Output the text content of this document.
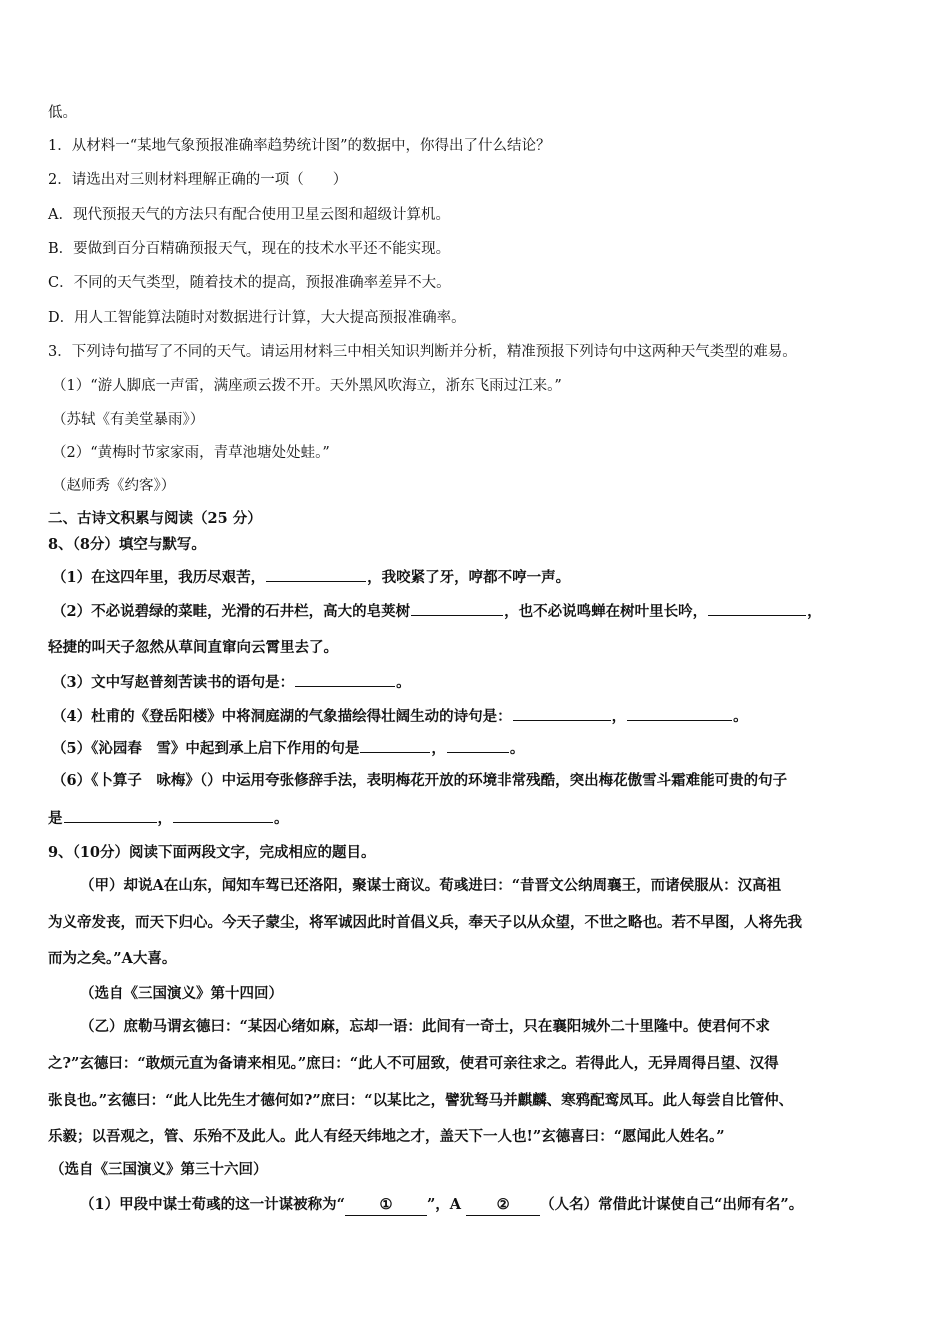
低。
1．从材料一“某地气象预报准确率趋势统计图”的数据中，你得出了什么结论？
2．请选出对三则材料理解正确的一项（　　）
A．现代预报天气的方法只有配合使用卫星云图和超级计算机。
B．要做到百分百精确预报天气，现在的技术水平还不能实现。
C．不同的天气类型，随着技术的提高，预报准确率差异不大。
D．用人工智能算法随时对数据进行计算，大大提高预报准确率。
3．下列诗句描写了不同的天气。请运用材料三中相关知识判断并分析，精准预报下列诗句中这两种天气类型的难易。
（1）“游人脚底一声雷，满座顽云拨不开。天外黑风吹海立，浙东飞雨过江来。”
（苏轼《有美堂暴雨》）
（2）“黄梅时节家家雨，青草池塘处处蛙。”
（赵师秀《约客》）
二、古诗文积累与阅读（25 分）
8、（8分）填空与默写。
（1）在这四年里，我历尽艰苦，	，我咬紧了牙，哼都不哼一声。
（2）不必说碧绿的菜畦，光滑的石井栏，高大的皂荚树	，也不必说鸣蝉在树叶里长吟，	，
轻捷的叫天子忽然从草间直窜向云霄里去了。
（3）文中写赵普刻苦读书的语句是：	。
（4）杜甫的《登岳阳楼》中将洞庭湖的气象描绘得壮阔生动的诗句是：	，	。
（5）《沁园春　雪》中起到承上启下作用的句是	，	。
（6）《卜算子　咏梅》（）中运用夸张修辞手法，表明梅花开放的环境非常残酷，突出梅花傲雪斗霜难能可贵的句子
是	，	。
9、（10分）阅读下面两段文字，完成相应的题目。
（甲）却说A在山东，闻知车驾已还洛阳，聚谋士商议。荀彧进曰：“昔晋文公纳周襄王，而诸侯服从：汉高祖
为义帝发丧，而天下归心。今天子蒙尘，将军诚因此时首倡义兵，奉天子以从众望，不世之略也。若不早图，人将先我
而为之矣。”A大喜。
（选自《三国演义》第十四回）
（乙）庶勒马谓玄德曰：“某因心绪如麻，忘却一语：此间有一奇士，只在襄阳城外二十里隆中。使君何不求
之?”玄德曰：“敢烦元直为备请来相见。”庶曰：“此人不可屈致，使君可亲往求之。若得此人，无异周得吕望、汉得
张良也。”玄德曰：“此人比先生才德何如?”庶曰：“以某比之，譬犹驽马并麒麟、寒鸦配鸾凤耳。此人每尝自比管仲、
乐毅；以吾观之，管、乐殆不及此人。此人有经天纬地之才，盖天下一人也!”玄德喜曰：“愿闻此人姓名。”
（选自《三国演义》第三十六回）
（1）甲段中谋士荀彧的这一计谋被称为“ ① ”，A ② （人名）常借此计谋使自己“出师有名”。
